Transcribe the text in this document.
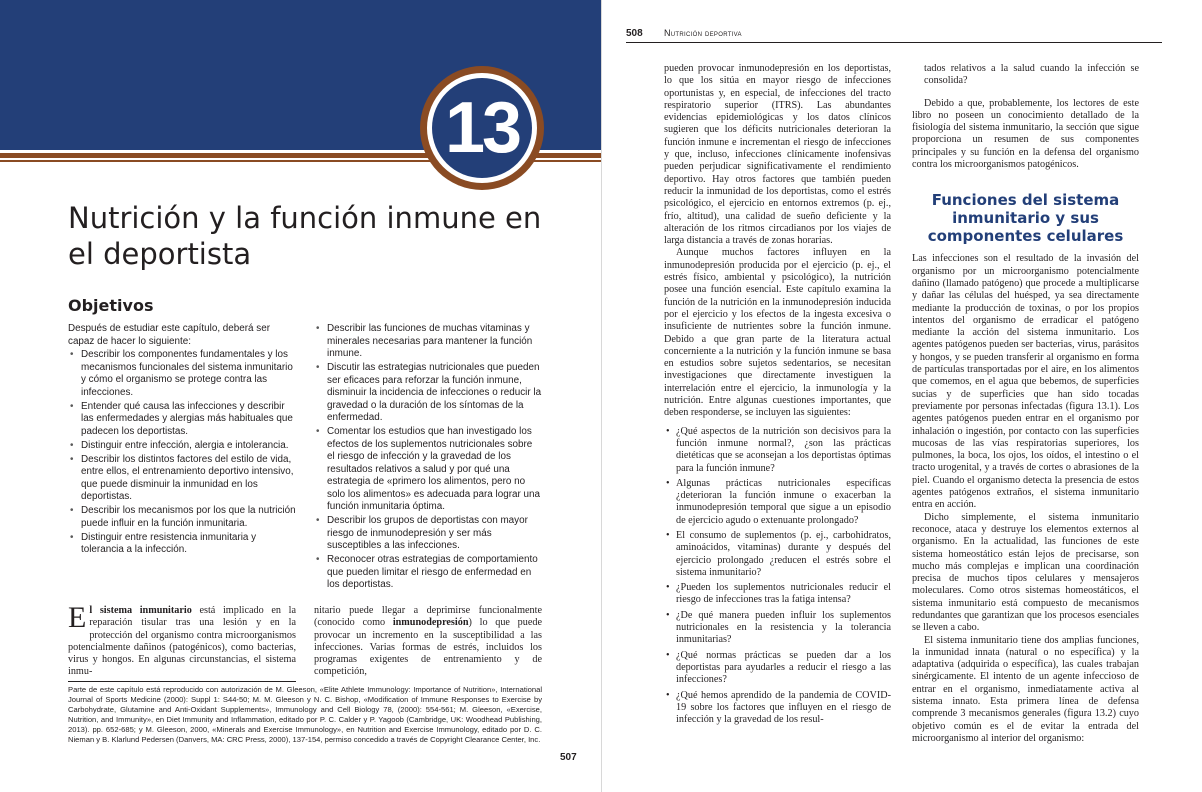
13
Nutrición y la función inmune en el deportista
Objetivos

Después de estudiar este capítulo, deberá ser capaz de hacer lo siguiente:

• Describir los componentes fundamentales y los mecanismos funcionales del sistema inmunitario y cómo el organismo se protege contra las infecciones.
• Entender qué causa las infecciones y describir las enfermedades y alergias más habituales que padecen los deportistas.
• Distinguir entre infección, alergia e intolerancia.
• Describir los distintos factores del estilo de vida, entre ellos, el entrenamiento deportivo intensivo, que puede disminuir la inmunidad en los deportistas.
• Describir los mecanismos por los que la nutrición puede influir en la función inmunitaria.
• Distinguir entre resistencia inmunitaria y tolerancia a la infección.
• Describir las funciones de muchas vitaminas y minerales necesarias para mantener la función inmune.
• Discutir las estrategias nutricionales que pueden ser eficaces para reforzar la función inmune, disminuir la incidencia de infecciones o reducir la gravedad o la duración de los síntomas de la enfermedad.
• Comentar los estudios que han investigado los efectos de los suplementos nutricionales sobre el riesgo de infección y la gravedad de los resultados relativos a salud y por qué una estrategia de «primero los alimentos, pero no solo los alimentos» es adecuada para lograr una función inmunitaria óptima.
• Describir los grupos de deportistas con mayor riesgo de inmunodepresión y ser más susceptibles a las infecciones.
• Reconocer otras estrategias de comportamiento que pueden limitar el riesgo de enfermedad en los deportistas.
El sistema inmunitario está implicado en la reparación tisular tras una lesión y en la protección del organismo contra microorganismos potencialmente dañinos (patogénicos), como bacterias, virus y hongos. En algunas circunstancias, el sistema inmu-
nitario puede llegar a deprimirse funcionalmente (conocido como inmunodepresión) lo que puede provocar un incremento en la susceptibilidad a las infecciones. Varias formas de estrés, incluidos los programas exigentes de entrenamiento y de competición,

Parte de este capítulo está reproducido con autorización de M. Gleeson, «Elite Athlete Immunology: Importance of Nutrition», International Journal of Sports Medicine (2000): Suppl 1: S44-50; M. M. Gleeson y N. C. Bishop, «Modification of Immune Responses to Exercise by Carbohydrate, Glutamine and Anti-Oxidant Supplements», Immunology and Cell Biology 78, (2000): 554-561; M. Gleeson, «Exercise, Nutrition, and Immunity», en Diet Immunity and Inflammation, editado por P. C. Calder y P. Yagoob (Cambridge, UK: Woodhead Publishing, 2013). pp. 652-685; y M. Gleeson, 2000, «Minerals and Exercise Immunology», en Nutrition and Exercise Immunology, editado por D. C. Nieman y B. Klarlund Pedersen (Danvers, MA: CRC Press, 2000), 137-154, permiso concedido a través de Copyright Clearance Center, Inc.

507
508 Nutrición deportiva

pueden provocar inmunodepresión en los deportistas, lo que los sitúa en mayor riesgo de infecciones oportunistas y, en especial, de infecciones del tracto respiratorio superior (ITRS). Las abundantes evidencias epidemiológicas y los datos clínicos sugieren que los déficits nutricionales deterioran la función inmune e incrementan el riesgo de infecciones y que, incluso, infecciones clínicamente inofensivas pueden perjudicar significativamente el rendimiento deportivo. Hay otros factores que también pueden reducir la inmunidad de los deportistas, como el estrés psicológico, el ejercicio en entornos extremos (p. ej., frío, altitud), una calidad de sueño deficiente y la alteración de los ritmos circadianos por los viajes de larga distancia a través de zonas horarias.

Aunque muchos factores influyen en la inmunodepresión producida por el ejercicio (p. ej., el estrés físico, ambiental y psicológico), la nutrición posee una función esencial. Este capítulo examina la función de la nutrición en la inmunodepresión inducida por el ejercicio y los efectos de la ingesta excesiva o insuficiente de nutrientes sobre la función inmune. Debido a que gran parte de la literatura actual concerniente a la nutrición y la función inmune se basa en estudios sobre sujetos sedentarios, se necesitan investigaciones que directamente investiguen la interrelación entre el ejercicio, la inmunología y la nutrición. Entre algunas cuestiones importantes, que deben responderse, se incluyen las siguientes:

• ¿Qué aspectos de la nutrición son decisivos para la función inmune normal?, ¿son las prácticas dietéticas que se aconsejan a los deportistas óptimas para la función inmune?
• Algunas prácticas nutricionales específicas ¿deterioran la función inmune o exacerban la inmunodepresión temporal que sigue a un episodio de ejercicio agudo o extenuante prolongado?
• El consumo de suplementos (p. ej., carbohidratos, aminoácidos, vitaminas) durante y después del ejercicio prolongado ¿reducen el estrés sobre el sistema inmunitario?
• ¿Pueden los suplementos nutricionales reducir el riesgo de infecciones tras la fatiga intensa?
• ¿De qué manera pueden influir los suplementos nutricionales en la resistencia y la tolerancia inmunitarias?
• ¿Qué normas prácticas se pueden dar a los deportistas para ayudarles a reducir el riesgo a las infecciones?
• ¿Qué hemos aprendido de la pandemia de COVID-19 sobre los factores que influyen en el riesgo de infección y la gravedad de los resul-

tados relativos a la salud cuando la infección se consolida?

Debido a que, probablemente, los lectores de este libro no poseen un conocimiento detallado de la fisiología del sistema inmunitario, la sección que sigue proporciona un resumen de sus componentes principales y su función en la defensa del organismo contra los microorganismos patogénicos.

Funciones del sistema inmunitario y sus componentes celulares

Las infecciones son el resultado de la invasión del organismo por un microorganismo potencialmente dañino (llamado patógeno) que procede a multiplicarse y dañar las células del huésped, ya sea directamente mediante la producción de toxinas, o por los propios intentos del organismo de erradicar el patógeno mediante la acción del sistema inmunitario. Los agentes patógenos pueden ser bacterias, virus, parásitos y hongos, y se pueden transferir al organismo en forma de partículas transportadas por el aire, en los alimentos que comemos, en el agua que bebemos, de superficies sucias y de superficies que han sido tocadas previamente por personas infectadas (figura 13.1). Los agentes patógenos pueden entrar en el organismo por inhalación o ingestión, por contacto con las superficies mucosas de las vías respiratorias superiores, los pulmones, la boca, los ojos, los oídos, el intestino o el tracto urogenital, y a través de cortes o abrasiones de la piel. Cuando el organismo detecta la presencia de estos agentes patógenos extraños, el sistema inmunitario entra en acción.

Dicho simplemente, el sistema inmunitario reconoce, ataca y destruye los elementos externos al organismo. En la actualidad, las funciones de este sistema homeostático están lejos de precisarse, son mucho más complejas e implican una coordinación precisa de muchos tipos celulares y mensajeros moleculares. Como otros sistemas homeostáticos, el sistema inmunitario está compuesto de mecanismos redundantes que garantizan que los procesos esenciales se lleven a cabo.

El sistema inmunitario tiene dos amplias funciones, la inmunidad innata (natural o no específica) y la adaptativa (adquirida o específica), las cuales trabajan sinérgicamente. El intento de un agente infeccioso de entrar en el organismo, inmediatamente activa al sistema innato. Esta primera línea de defensa comprende 3 mecanismos generales (figura 13.2) cuyo objetivo común es el de evitar la entrada del microorganismo al interior del organismo:
